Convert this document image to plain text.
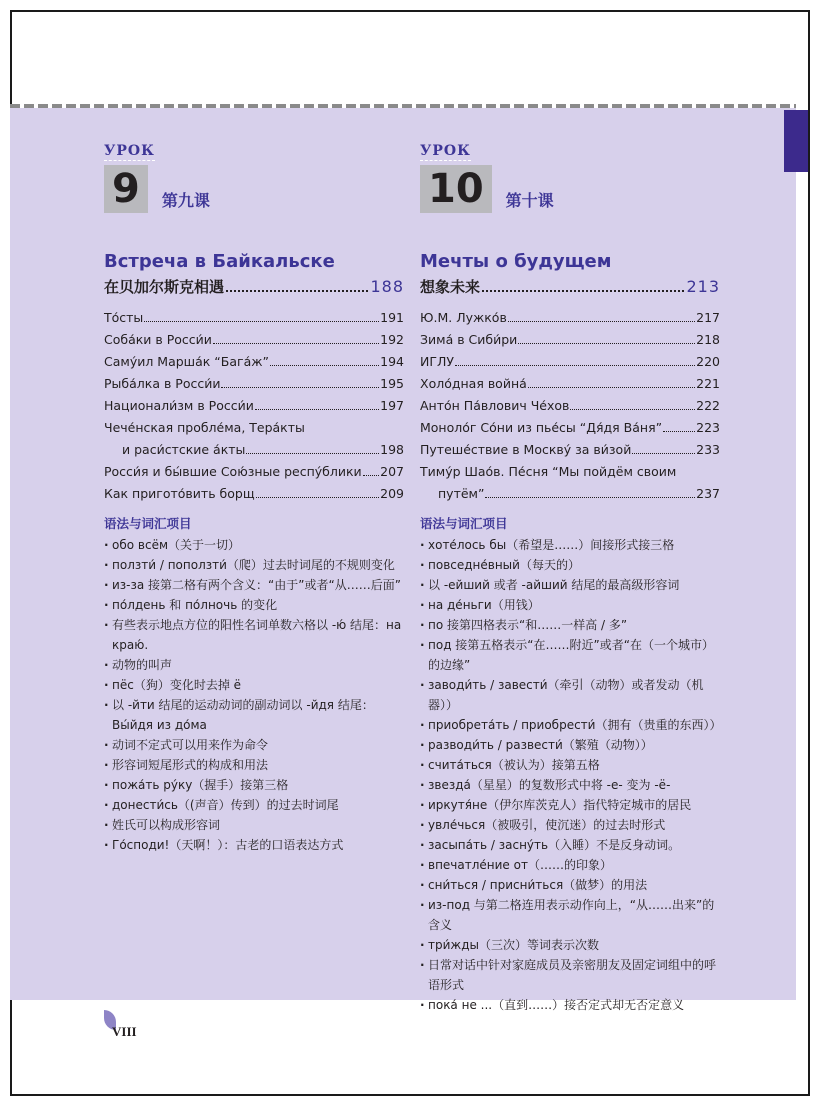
УРОК
9	第九课
Встреча в Байкальске
在贝加尔斯克相遇	188
То́сты	191
Соба́ки в Росси́и	192
Саму́ил Марша́к “Бага́ж”	194
Рыба́лка в Росси́и	195
Национали́зм в Росси́и	197
Чече́нская пробле́ма, Тера́кты
и раси́стские а́кты	198
Росси́я и бы́вшие Сою́зные респу́блики 207
Как пригото́вить борщ	209
语法与词汇项目
· обо всём（关于一切）
· ползти́ / поползти́（爬）过去时词尾的不规则变化
· из-за 接第二格有两个含义：“由于”或者“从……后面”
· по́лдень 和 по́лночь 的变化
· 有些表示地点方位的阳性名词单数六格以 -ю́ 结尾：на краю́.
· 动物的叫声
· пёс（狗）变化时去掉 ё
· 以 -йти 结尾的运动动词的副动词以 -йдя 结尾：Вы́йдя из до́ма
· 动词不定式可以用来作为命令
· 形容词短尾形式的构成和用法
· пожа́ть ру́ку（握手）接第三格
· донести́сь（(声音）传到）的过去时词尾
· 姓氏可以构成形容词
· Го́споди!（天啊！）：古老的口语表达方式
УРОК
10	第十课
Мечты о будущем
想象未来	213
Ю.М. Лужко́в	217
Зима́ в Сиби́ри	218
ИГЛУ	220
Холо́дная война́	221
Анто́н Па́влович Че́хов	222
Моноло́г Со́ни из пье́сы “Дя́дя Ва́ня”	223
Путеше́ствие в Москву́ за ви́зой	233
Тиму́р Шао́в. Пе́сня “Мы пойдём своим
путём”	237
语法与词汇项目
· хоте́лось бы（希望是……）间接形式接三格
· повседне́вный（每天的）
· 以 -ейший 或者 -айший 结尾的最高级形容词
· на де́ньги（用钱）
· по 接第四格表示“和……一样高 / 多”
· под 接第五格表示“在……附近”或者“在（一个城市）的边缘”
· заводи́ть / завести́（牵引（动物）或者发动（机器））
· приобрета́ть / приобрести́（拥有（贵重的东西））
· разводи́ть / развести́（繁殖（动物））
· счита́ться（被认为）接第五格
· звезда́（星星）的复数形式中将 -е- 变为 -ё-
· иркутя́не（伊尔库茨克人）指代特定城市的居民
· увле́чься（被吸引，使沉迷）的过去时形式
· засыпа́ть / засну́ть（入睡）不是反身动词。
· впечатле́ние от（……的印象）
· сни́ться / присни́ться（做梦）的用法
· из-под 与第二格连用表示动作向上，“从……出来”的含义
· три́жды（三次）等词表示次数
· 日常对话中针对家庭成员及亲密朋友及固定词组中的呼语形式
· пока́ не ...（直到……）接否定式却无否定意义
VIII
